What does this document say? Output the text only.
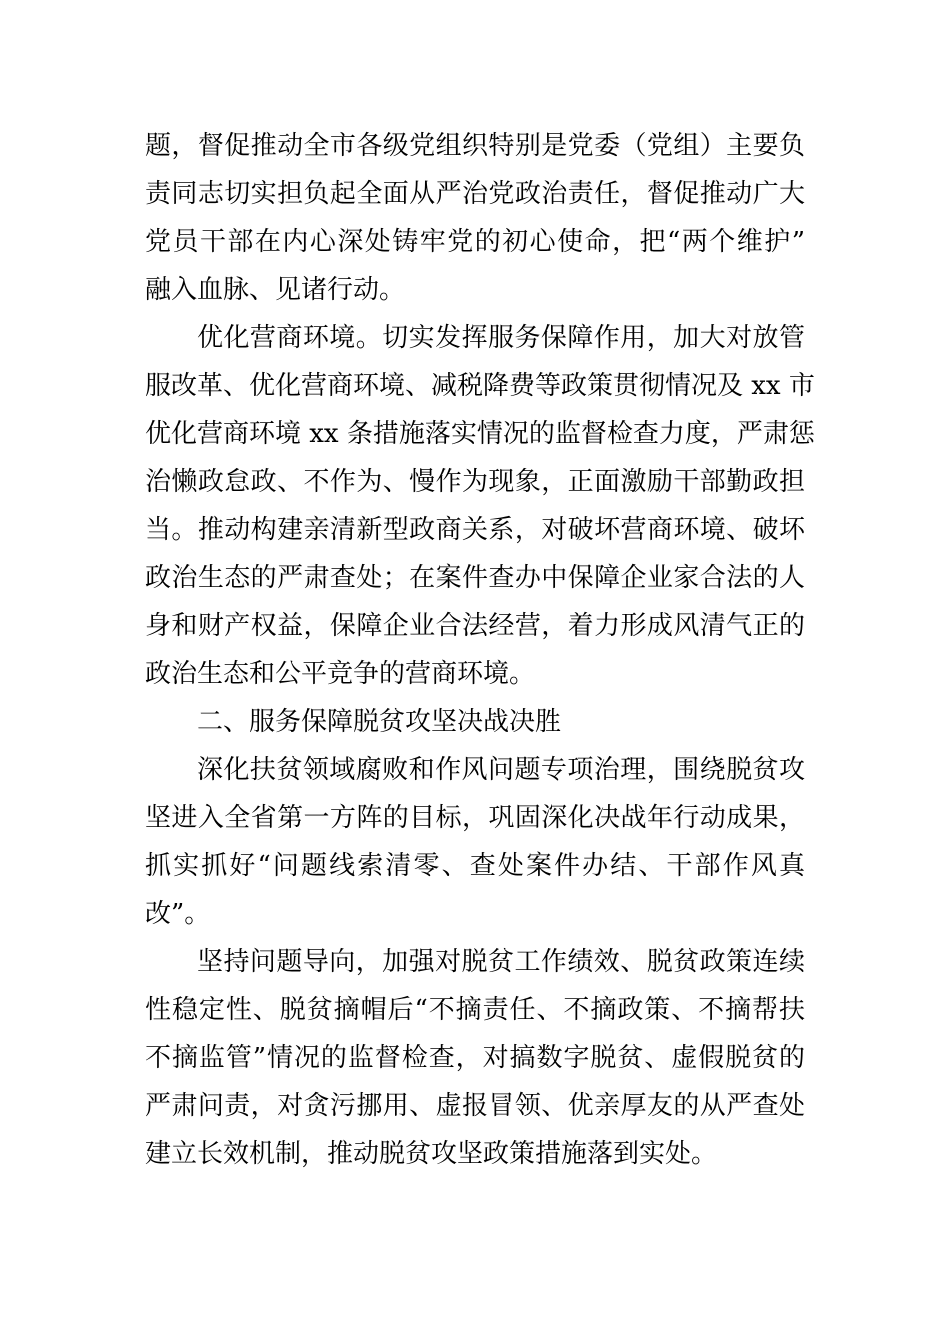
题，督促推动全市各级党组织特别是党委（党组）主要负
责同志切实担负起全面从严治党政治责任，督促推动广大
党员干部在内心深处铸牢党的初心使命，把“两个维护”
融入血脉、见诸行动。
优化营商环境。切实发挥服务保障作用，加大对放管
服改革、优化营商环境、减税降费等政策贯彻情况及 xx 市
优化营商环境 xx 条措施落实情况的监督检查力度，严肃惩
治懒政怠政、不作为、慢作为现象，正面激励干部勤政担
当。推动构建亲清新型政商关系，对破坏营商环境、破坏
政治生态的严肃查处；在案件查办中保障企业家合法的人
身和财产权益，保障企业合法经营，着力形成风清气正的
政治生态和公平竞争的营商环境。
二、服务保障脱贫攻坚决战决胜
深化扶贫领域腐败和作风问题专项治理，围绕脱贫攻
坚进入全省第一方阵的目标，巩固深化决战年行动成果，
抓实抓好“问题线索清零、查处案件办结、干部作风真
改”。
坚持问题导向，加强对脱贫工作绩效、脱贫政策连续
性稳定性、脱贫摘帽后“不摘责任、不摘政策、不摘帮扶
不摘监管”情况的监督检查，对搞数字脱贫、虚假脱贫的
严肃问责，对贪污挪用、虚报冒领、优亲厚友的从严查处
建立长效机制，推动脱贫攻坚政策措施落到实处。
